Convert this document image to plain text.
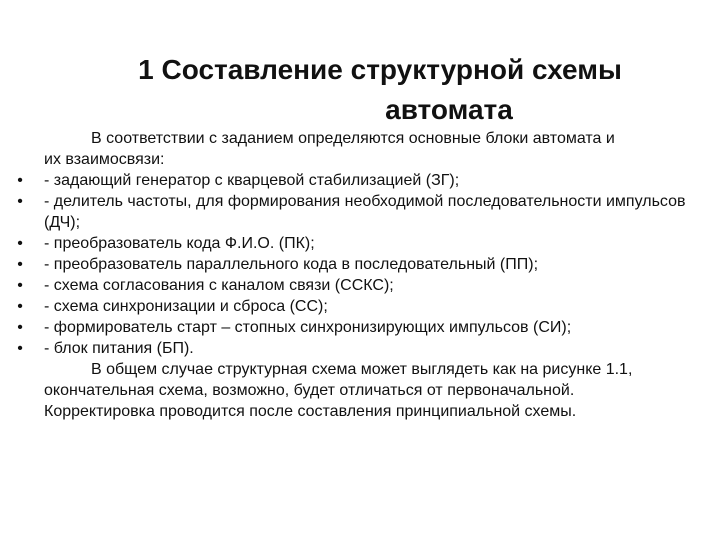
1 Составление структурной схемы
автомата

В соответствии с заданием определяются основные блоки автомата и
их взаимосвязи:

• - задающий генератор с кварцевой стабилизацией (ЗГ);
• - делитель частоты, для формирования необходимой последовательности импульсов (ДЧ);
• - преобразователь кода Ф.И.О. (ПК);
• - преобразователь параллельного кода в последовательный (ПП);
• - схема согласования с каналом связи (ССКС);
• - схема синхронизации и сброса (СС);
• - формирователь старт – стопных синхронизирующих импульсов (СИ);
• - блок питания (БП).

В общем случае структурная схема может выглядеть как на рисунке 1.1,
окончательная схема, возможно, будет отличаться от первоначальной.
Корректировка проводится после составления принципиальной схемы.
